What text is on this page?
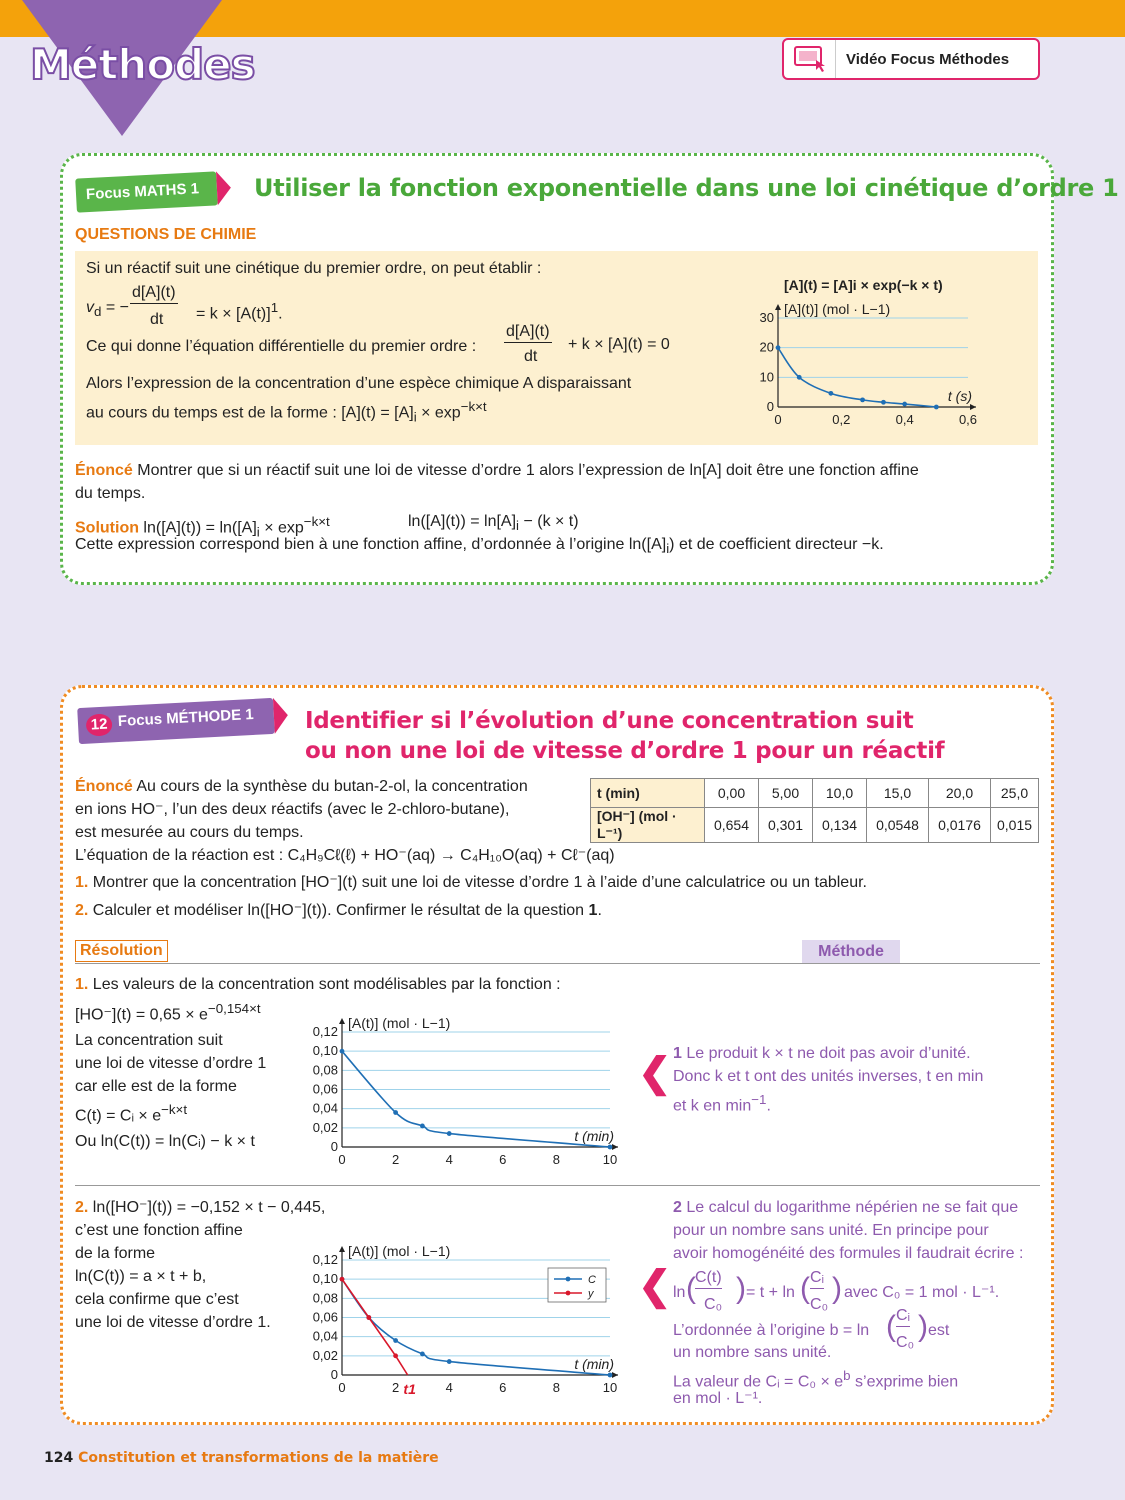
Méthodes	Vidéo Focus Méthodes
Focus MATHS 1	Utiliser la fonction exponentielle dans une loi cinétique d’ordre 1
QUESTIONS DE CHIMIE
Si un réactif suit une cinétique du premier ordre, on peut établir :
$v_d$ = −
d[A](t)
dt = $k \times [A(t)]^1$.
Ce qui donne l’équation différentielle du premier ordre :
d[A](t)
dt
+ k × [A](t) = 0
Alors l’expression de la concentration d’une espèce chimique A disparaissant
au cours du temps est de la forme : $[A](t) = [A]_i \times \exp^{-k\times t}$	0
10
20
30
0	0,2	0,4	0,6
[A](t)] (mol · L−1)
t (s)
[A](t) = [A]i × exp(−k × t)
Énoncé Montrer que si un réactif suit une loi de vitesse d’ordre 1 alors l’expression de ln[A] doit être une fonction affine
du temps.
Solution $\ln([A](t)) = \ln([A]_i \times \exp^{-k\times t}$	$\ln([A](t)) = \ln[A]_i - (k \times t)$
Cette expression correspond bien à une fonction affine, d’ordonnée à l’origine $\ln([A]_i)$ et de coefficient directeur −k.
12 Focus MÉTHODE 1 Identifier si l’évolution d’une concentration suit
ou non une loi de vitesse d’ordre 1 pour un réactif
Énoncé Au cours de la synthèse du butan-2-ol, la concentration
en ions HO⁻, l’un des deux réactifs (avec le 2-chloro-butane),
est mesurée au cours du temps.
L’équation de la réaction est : C₄H₉Cℓ(ℓ) + HO⁻(aq) → C₄H₁₀O(aq) + Cℓ⁻(aq)
t (min)	0,00	5,00	10,0	15,0	20,0	25,0
[OH⁻] (mol · L⁻¹)	0,654	0,301	0,134	0,0548	0,0176	0,015
1. Montrer que la concentration [HO⁻](t) suit une loi de vitesse d’ordre 1 à l’aide d’une calculatrice ou un tableur.
2. Calculer et modéliser ln([HO⁻](t)). Confirmer le résultat de la question 1.
Résolution	Méthode
1. Les valeurs de la concentration sont modélisables par la fonction :
$[HO^-](t) = 0,65 \times e^{-0,154\times t}$
La concentration suit
une loi de vitesse d’ordre 1
car elle est de la forme
C(t) = Cᵢ × $e^{-k\times t}$
Ou ln(C(t)) = ln(Cᵢ) − k × t	0
0,02
0,04
0,06
0,08
0,10
0,12
0	2	4	6	8	10
[A(t)] (mol · L−1)
t (min)
❮ 1 Le produit k × t ne doit pas avoir d’unité.
Donc k et t ont des unités inverses, t en min
et k en $\min^{-1}$.
2. ln([HO⁻](t)) = −0,152 × t − 0,445,
c’est une fonction affine
de la forme
ln(C(t)) = a × t + b,
cela confirme que c’est
une loi de vitesse d’ordre 1.
0
0,02
0,04
0,06
0,08
0,10
0,12
0	2	4	6	8	10
[A(t)] (mol · L−1)
t (min)
C
y
t1
❮
2 Le calcul du logarithme népérien ne se fait que
pour un nombre sans unité. En principe pour
avoir homogénéité des formules il faudrait écrire :
ln ( C(t)
C₀ ) = t + ln ( Cᵢ
C₀ ) avec C₀ = 1 mol · L⁻¹.
L’ordonnée à l’origine b = ln ( Cᵢ
C₀ ) est
un nombre sans unité.
La valeur de Cᵢ = $C_0 \times e^b$ s’exprime bien
en mol · L⁻¹.
124 Constitution et transformations de la matière
